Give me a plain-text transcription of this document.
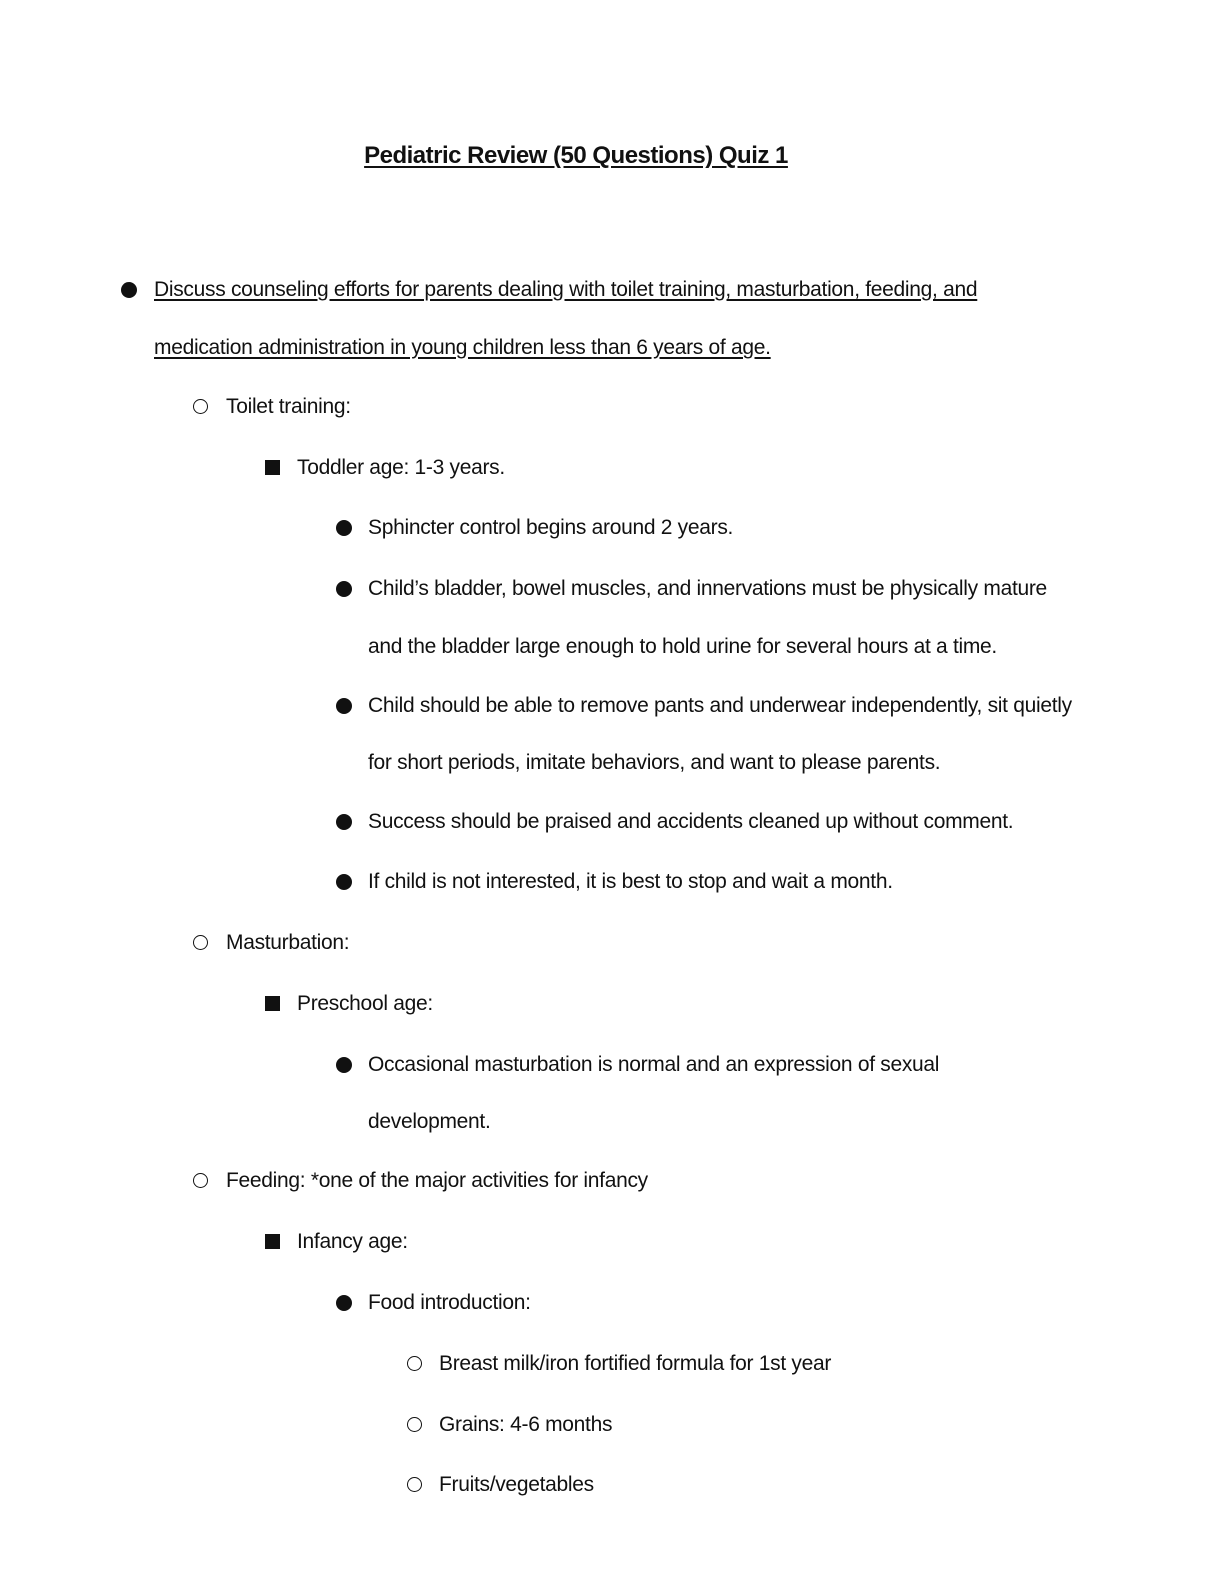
Pediatric Review (50 Questions) Quiz 1
Discuss counseling efforts for parents dealing with toilet training, masturbation, feeding, and
medication administration in young children less than 6 years of age.
Toilet training:
Toddler age: 1-3 years.
Sphincter control begins around 2 years.
Child’s bladder, bowel muscles, and innervations must be physically mature
and the bladder large enough to hold urine for several hours at a time.
Child should be able to remove pants and underwear independently, sit quietly
for short periods, imitate behaviors, and want to please parents.
Success should be praised and accidents cleaned up without comment.
If child is not interested, it is best to stop and wait a month.
Masturbation:
Preschool age:
Occasional masturbation is normal and an expression of sexual
development.
Feeding: *one of the major activities for infancy
Infancy age:
Food introduction:
Breast milk/iron fortified formula for 1st year
Grains: 4-6 months
Fruits/vegetables
